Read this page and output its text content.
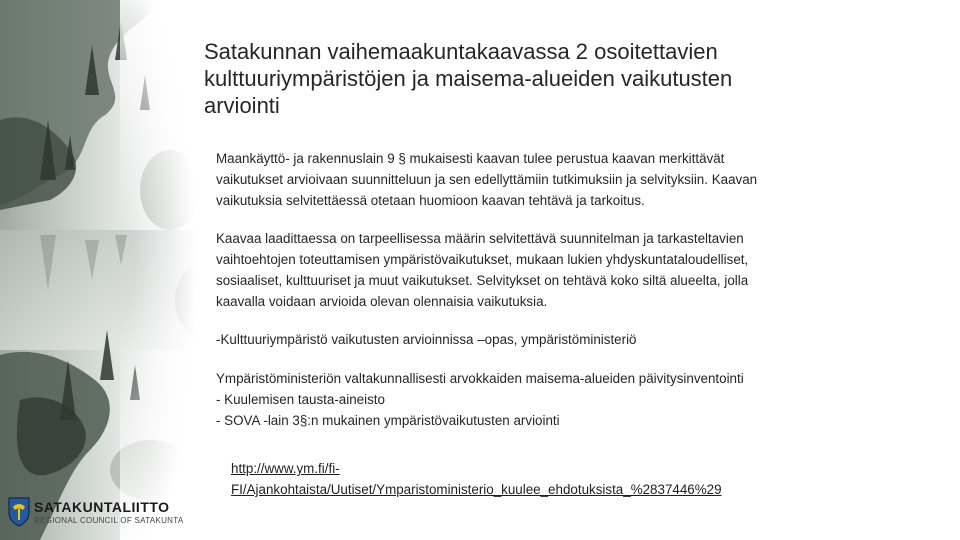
Satakunnan vaihemaakuntakaavassa 2 osoitettavien
kulttuuriympäristöjen ja maisema-alueiden vaikutusten
arviointi

Maankäyttö- ja rakennuslain 9 § mukaisesti kaavan tulee perustua kaavan merkittävät
vaikutukset arvioivaan suunnitteluun ja sen edellyttämiin tutkimuksiin ja selvityksiin. Kaavan
vaikutuksia selvitettäessä otetaan huomioon kaavan tehtävä ja tarkoitus.

Kaavaa laadittaessa on tarpeellisessa määrin selvitettävä suunnitelman ja tarkasteltavien
vaihtoehtojen toteuttamisen ympäristövaikutukset, mukaan lukien yhdyskuntataloudelliset,
sosiaaliset, kulttuuriset ja muut vaikutukset. Selvitykset on tehtävä koko siltä alueelta, jolla
kaavalla voidaan arvioida olevan olennaisia vaikutuksia.

-Kulttuuriympäristö vaikutusten arvioinnissa –opas, ympäristöministeriö

Ympäristöministeriön valtakunnallisesti arvokkaiden maisema-alueiden päivitysinventointi
- Kuulemisen tausta-aineisto
- SOVA -lain 3§:n mukainen ympäristövaikutusten arviointi

http://www.ym.fi/fi-
FI/Ajankohtaista/Uutiset/Ymparistoministerio_kuulee_ehdotuksista_%2837446%29
SATAKUNTALIITTO
REGIONAL COUNCIL OF SATAKUNTA
